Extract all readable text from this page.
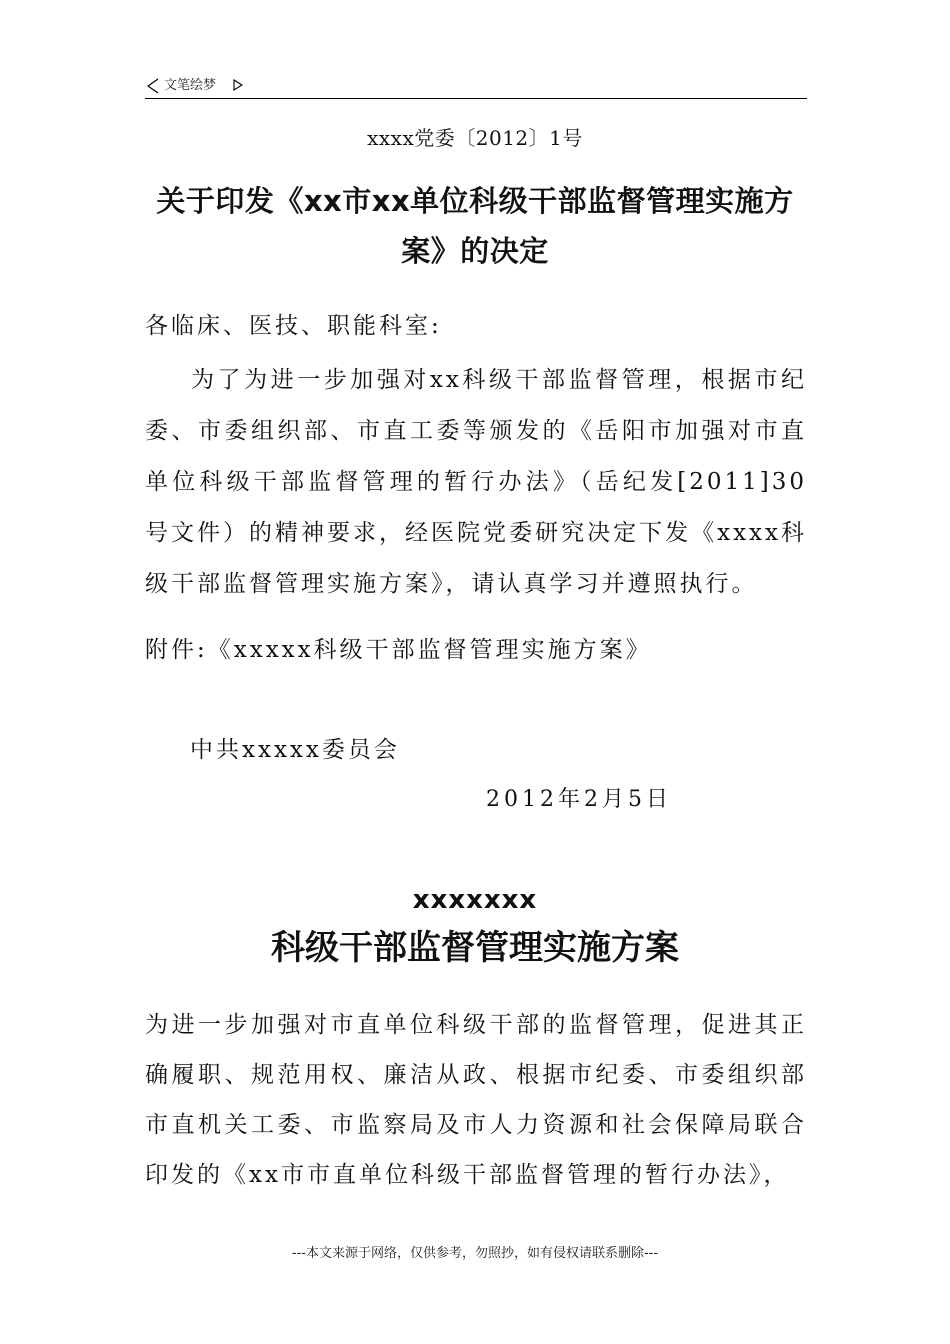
文笔绘梦
xxxx党委〔2012〕1号
关于印发《xx市xx单位科级干部监督管理实施方案》的决定
各临床、医技、职能科室:
为了为进一步加强对xx科级干部监督管理，根据市纪委、市委组织部、市直工委等颁发的《岳阳市加强对市直单位科级干部监督管理的暂行办法》（岳纪发[2011]30号文件）的精神要求，经医院党委研究决定下发《xxxx科级干部监督管理实施方案》，请认真学习并遵照执行。
附件:《xxxxx科级干部监督管理实施方案》
中共xxxxx委员会
2012年2月5日
xxxxxxx
科级干部监督管理实施方案
为进一步加强对市直单位科级干部的监督管理，促进其正确履职、规范用权、廉洁从政、根据市纪委、市委组织部市直机关工委、市监察局及市人力资源和社会保障局联合印发的《xx市市直单位科级干部监督管理的暂行办法》，
---本文来源于网络，仅供参考，勿照抄，如有侵权请联系删除---
